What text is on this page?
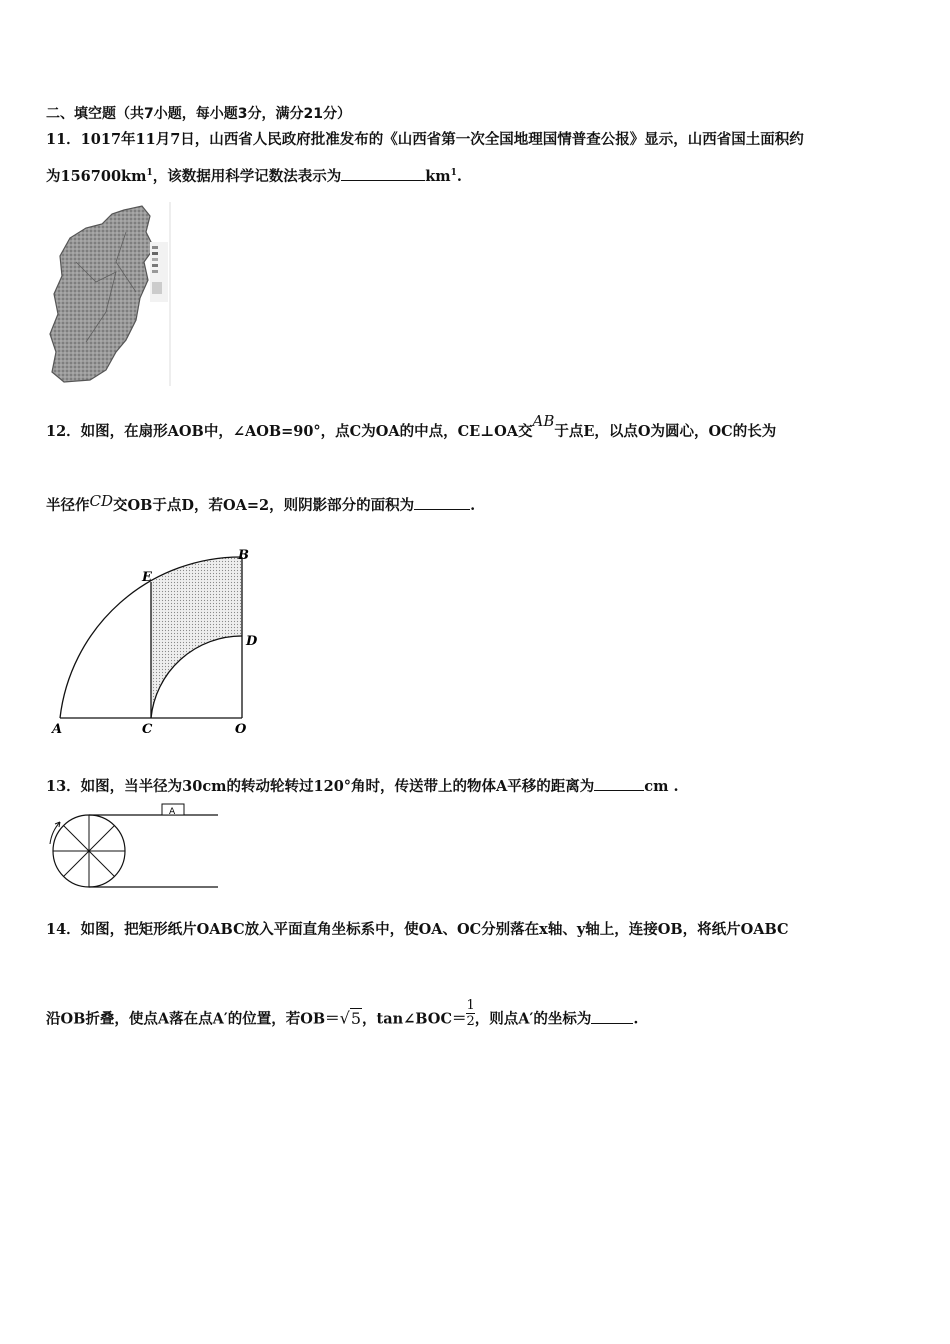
二、填空题（共7小题，每小题3分，满分21分）
11．1017年11月7日，山西省人民政府批准发布的《山西省第一次全国地理国情普查公报》显示，山西省国土面积约
为$156700km^1$，该数据用科学记数法表示为	$km^1$.
12．如图，在扇形AOB中，∠AOB=90°，点C为OA的中点，CE⊥OA交AB于点E，以点O为圆心，OC的长为
半径作CD交OB于点D，若OA=2，则阴影部分的面积为	.
A	C	O
E
B
D
13．如图，当半径为30cm的转动轮转过120°角时，传送带上的物体A平移的距离为	cm .
A
14．如图，把矩形纸片OABC放入平面直角坐标系中，使OA、OC分别落在x轴、y轴上，连接OB，将纸片OABC
沿OB折叠，使点A落在点A′的位置，若OB＝√5，$\tan\angle BOC=\frac{1}{2}$ ，则点A′的坐标为	.
